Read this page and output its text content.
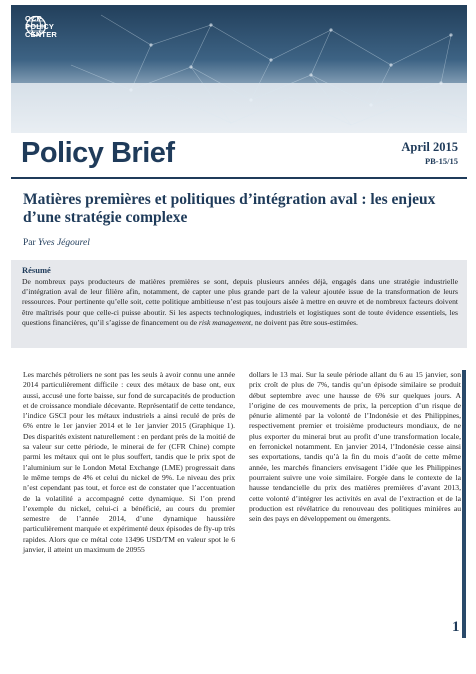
OCP
POLICY
CENTER
Policy Brief	April 2015
PB-15/15
Matières premières et politiques d’intégration aval : les enjeux d’une stratégie complexe
Par Yves Jégourel
Résumé
De nombreux pays producteurs de matières premières se sont, depuis plusieurs années déjà, engagés dans une stratégie industrielle d’intégration aval de leur filière afin, notamment, de capter une plus grande part de la valeur ajoutée issue de la transformation de leurs ressources. Pour pertinente qu’elle soit, cette politique ambitieuse n’est pas toujours aisée à mettre en œuvre et de nombreux facteurs doivent être maîtrisés pour que celle-ci puisse aboutir. Si les aspects technologiques, industriels et logistiques sont de toute évidence essentiels, les questions financières, qu’il s’agisse de financement ou de risk management, ne doivent pas être sous-estimées.
Les marchés pétroliers ne sont pas les seuls à avoir connu une année 2014 particulièrement difficile : ceux des métaux de base ont, eux aussi, accusé une forte baisse, sur fond de surcapacités de production et de croissance mondiale décevante. Représentatif de cette tendance, l’indice GSCI pour les métaux industriels a ainsi reculé de près de 6% entre le 1er janvier 2014 et le 1er janvier 2015 (Graphique 1). Des disparités existent naturellement : en perdant près de la moitié de sa valeur sur cette période, le minerai de fer (CFR Chine) compte parmi les métaux qui ont le plus souffert, tandis que le prix spot de l’aluminium sur le London Metal Exchange (LME) progressait dans le même temps de 4% et celui du nickel de 9%. Le niveau des prix n’est cependant pas tout, et force est de constater que l’accentuation de la volatilité a accompagné cette dynamique. Si l’on prend l’exemple du nickel, celui-ci a bénéficié, au cours du premier semestre de l’année 2014, d’une dynamique haussière particulièrement marquée et expérimenté deux épisodes de fly-up très rapides. Alors que ce métal cote 13496 USD/TM en valeur spot le 6 janvier, il atteint un maximum de 20955
dollars le 13 mai. Sur la seule période allant du 6 au 15 janvier, son prix croît de plus de 7%, tandis qu’un épisode similaire se produit début septembre avec une hausse de 6% sur quelques jours. A l’origine de ces mouvements de prix, la perception d’un risque de pénurie alimenté par la volonté de l’Indonésie et des Philippines, respectivement premier et troisième producteurs mondiaux, de ne plus exporter du minerai brut au profit d’une transformation locale, en ferronickel notamment. En janvier 2014, l’Indonésie cesse ainsi ses exportations, tandis qu’à la fin du mois d’août de cette même année, les marchés financiers envisagent l’idée que les Philippines pourraient suivre une voie similaire. Forgée dans le contexte de la hausse tendancielle du prix des matières premières d’avant 2013, cette volonté d’intégrer les activités en aval de l’extraction et de la production est révélatrice du renouveau des politiques minières au sein des pays en développement ou émergents.
1
